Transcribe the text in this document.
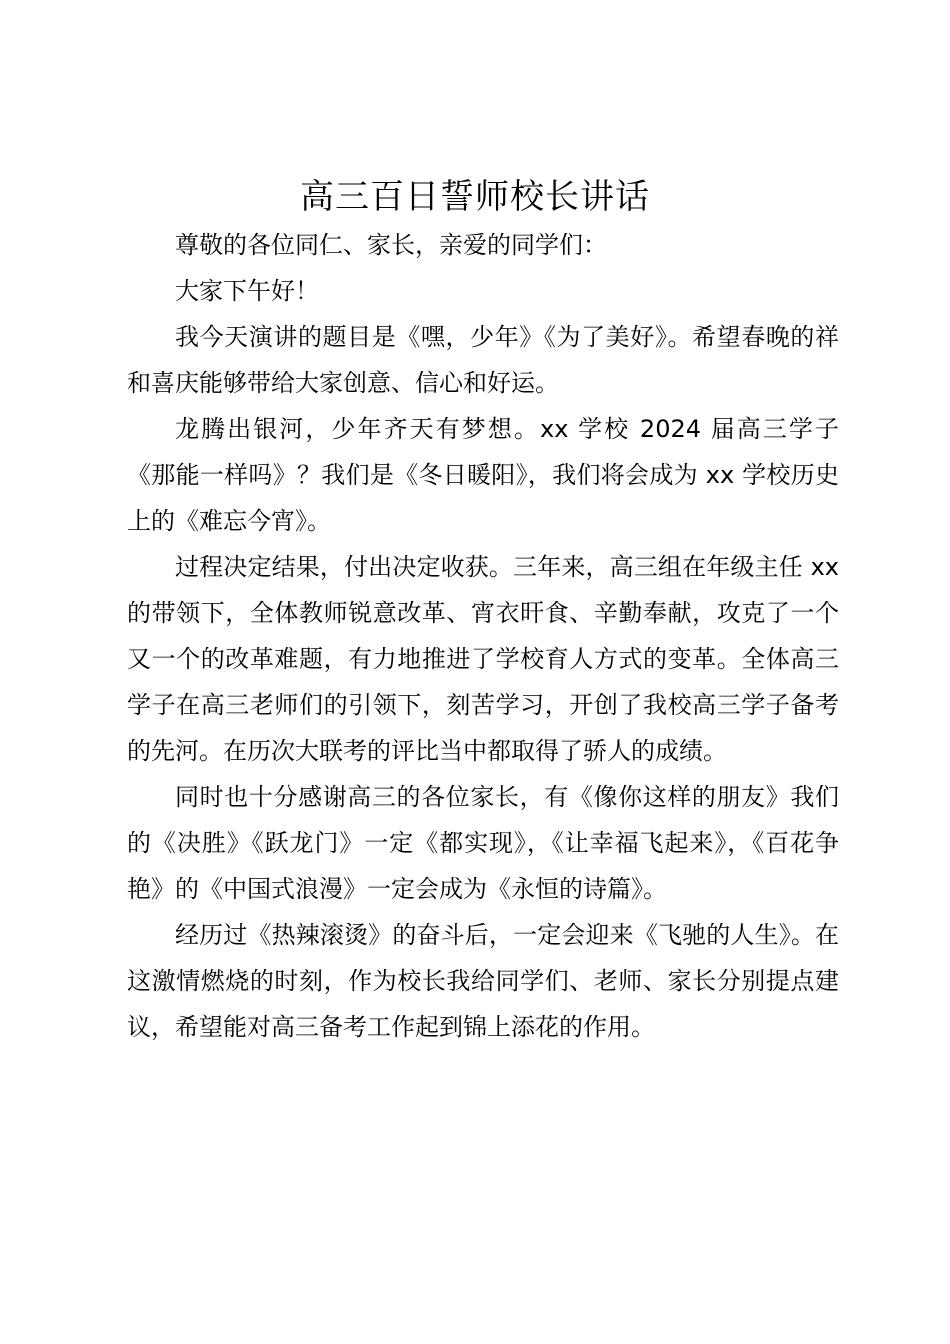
高三百日誓师校长讲话

尊敬的各位同仁、家长，亲爱的同学们：

大家下午好！

我今天演讲的题目是《嘿，少年》《为了美好》。希望春晚的祥和喜庆能够带给大家创意、信心和好运。

龙腾出银河，少年齐天有梦想。xx 学校 2024 届高三学子《那能一样吗》？我们是《冬日暖阳》，我们将会成为 xx 学校历史上的《难忘今宵》。

过程决定结果，付出决定收获。三年来，高三组在年级主任 xx 的带领下，全体教师锐意改革、宵衣旰食、辛勤奉献，攻克了一个又一个的改革难题，有力地推进了学校育人方式的变革。全体高三学子在高三老师们的引领下，刻苦学习，开创了我校高三学子备考的先河。在历次大联考的评比当中都取得了骄人的成绩。

同时也十分感谢高三的各位家长，有《像你这样的朋友》我们的《决胜》《跃龙门》一定《都实现》，《让幸福飞起来》，《百花争艳》的《中国式浪漫》一定会成为《永恒的诗篇》。

经历过《热辣滚烫》的奋斗后，一定会迎来《飞驰的人生》。在这激情燃烧的时刻，作为校长我给同学们、老师、家长分别提点建议，希望能对高三备考工作起到锦上添花的作用。
